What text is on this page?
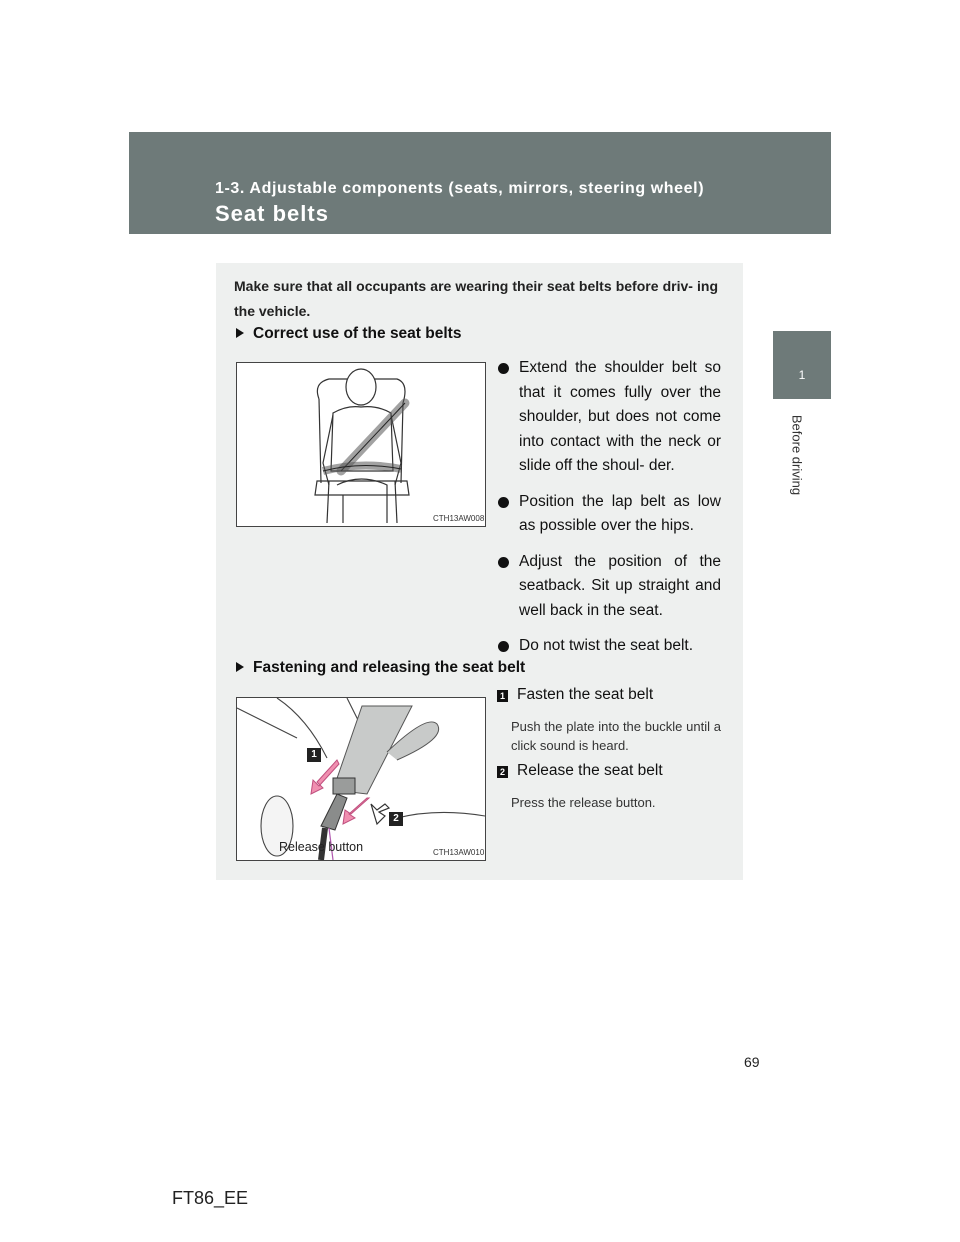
1-3. Adjustable components (seats, mirrors, steering wheel)
Seat belts
1
Before driving
Make sure that all occupants are wearing their seat belts before driv- ing the vehicle.
Correct use of the seat belts
CTH13AW008
Extend the shoulder belt so that it comes fully over the shoulder, but does not come into contact with the neck or slide off the shoul- der.
Position the lap belt as low as possible over the hips.
Adjust the position of the seatback. Sit up straight and well back in the seat.
Do not twist the seat belt.
Fastening and releasing the seat belt
1
2
Release button	CTH13AW010
1 Fasten the seat belt
Push the plate into the buckle until a click sound is heard.
2 Release the seat belt
Press the release button.
69
FT86_EE
